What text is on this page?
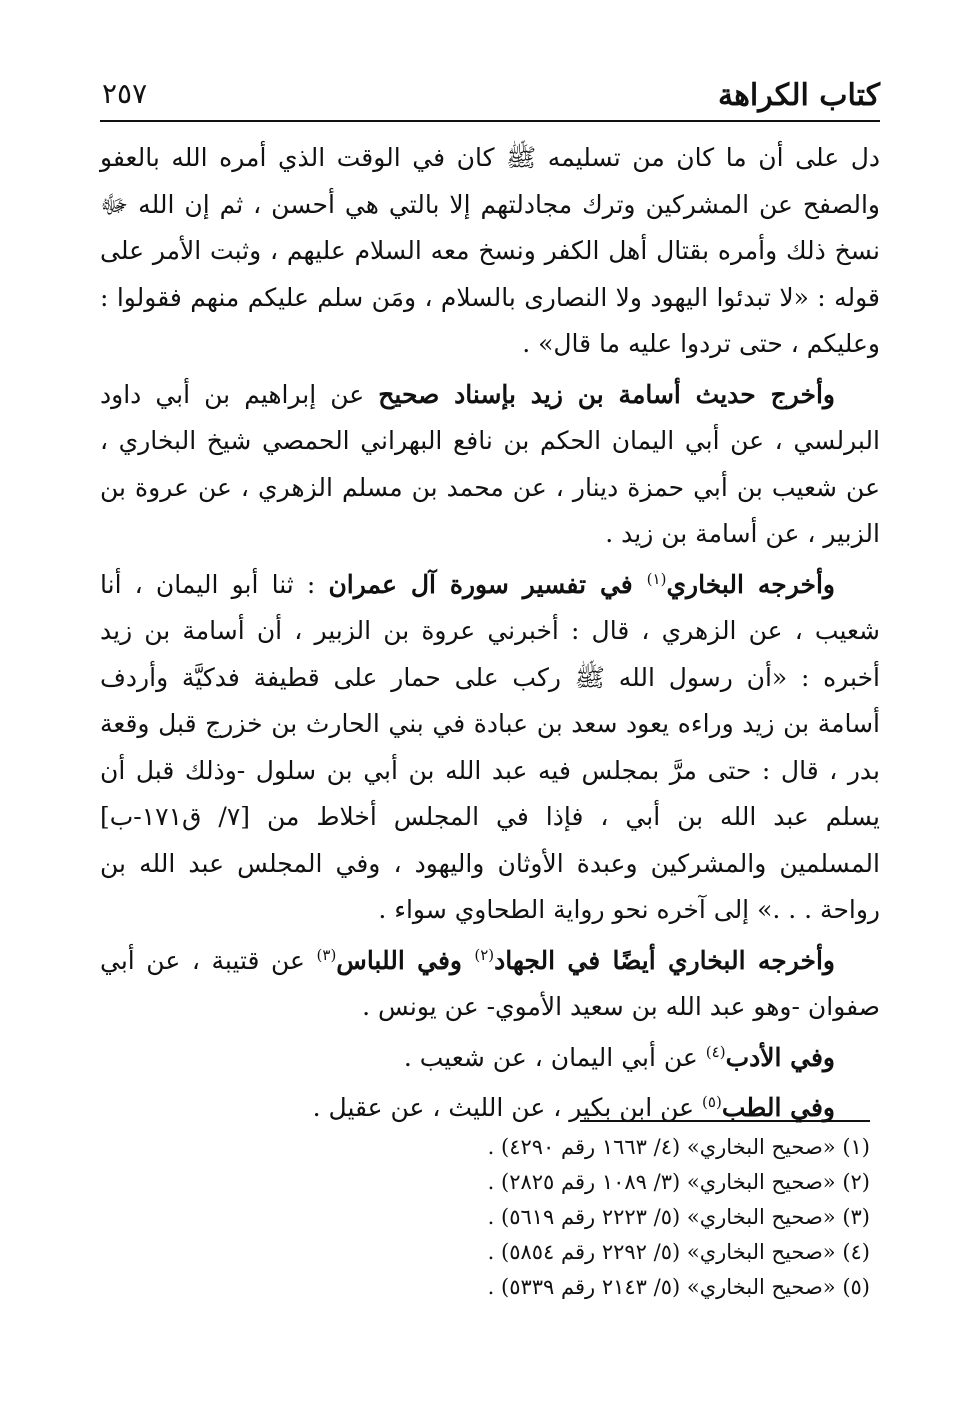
كتاب الكراهة
٢٥٧

دل على أن ما كان من تسليمه ﷺ كان في الوقت الذي أمره الله بالعفو والصفح عن المشركين وترك مجادلتهم إلا بالتي هي أحسن ، ثم إن الله ﷻ نسخ ذلك وأمره بقتال أهل الكفر ونسخ معه السلام عليهم ، وثبت الأمر على قوله : «لا تبدئوا اليهود ولا النصارى بالسلام ، ومَن سلم عليكم منهم فقولوا : وعليكم ، حتى تردوا عليه ما قال» .

وأخرج حديث أسامة بن زيد بإسناد صحيح عن إبراهيم بن أبي داود البرلسي ، عن أبي اليمان الحكم بن نافع البهراني الحمصي شيخ البخاري ، عن شعيب بن أبي حمزة دينار ، عن محمد بن مسلم الزهري ، عن عروة بن الزبير ، عن أسامة بن زيد .

وأخرجه البخاري$^{(١)}$ في تفسير سورة آل عمران : ثنا أبو اليمان ، أنا شعيب ، عن الزهري ، قال : أخبرني عروة بن الزبير ، أن أسامة بن زيد أخبره : «أن رسول الله ﷺ ركب على حمار على قطيفة فدكيَّة وأردف أسامة بن زيد وراءه يعود سعد بن عبادة في بني الحارث بن خزرج قبل وقعة بدر ، قال : حتى مرَّ بمجلس فيه عبد الله بن أبي بن سلول -وذلك قبل أن يسلم عبد الله بن أبي ، فإذا في المجلس أخلاط من [٧/ ق١٧١-ب] المسلمين والمشركين وعبدة الأوثان واليهود ، وفي المجلس عبد الله بن رواحة . . .» إلى آخره نحو رواية الطحاوي سواء .

وأخرجه البخاري أيضًا في الجهاد$^{(٢)}$ وفي اللباس$^{(٣)}$ عن قتيبة ، عن أبي صفوان -وهو عبد الله بن سعيد الأموي- عن يونس .

وفي الأدب$^{(٤)}$ عن أبي اليمان ، عن شعيب .

وفي الطب$^{(٥)}$ عن ابن بكير ، عن الليث ، عن عقيل .

(١) «صحيح البخاري» (٤/ ١٦٦٣ رقم ٤٢٩٠) .
(٢) «صحيح البخاري» (٣/ ١٠٨٩ رقم ٢٨٢٥) .
(٣) «صحيح البخاري» (٥/ ٢٢٢٣ رقم ٥٦١٩) .
(٤) «صحيح البخاري» (٥/ ٢٢٩٢ رقم ٥٨٥٤) .
(٥) «صحيح البخاري» (٥/ ٢١٤٣ رقم ٥٣٣٩) .
